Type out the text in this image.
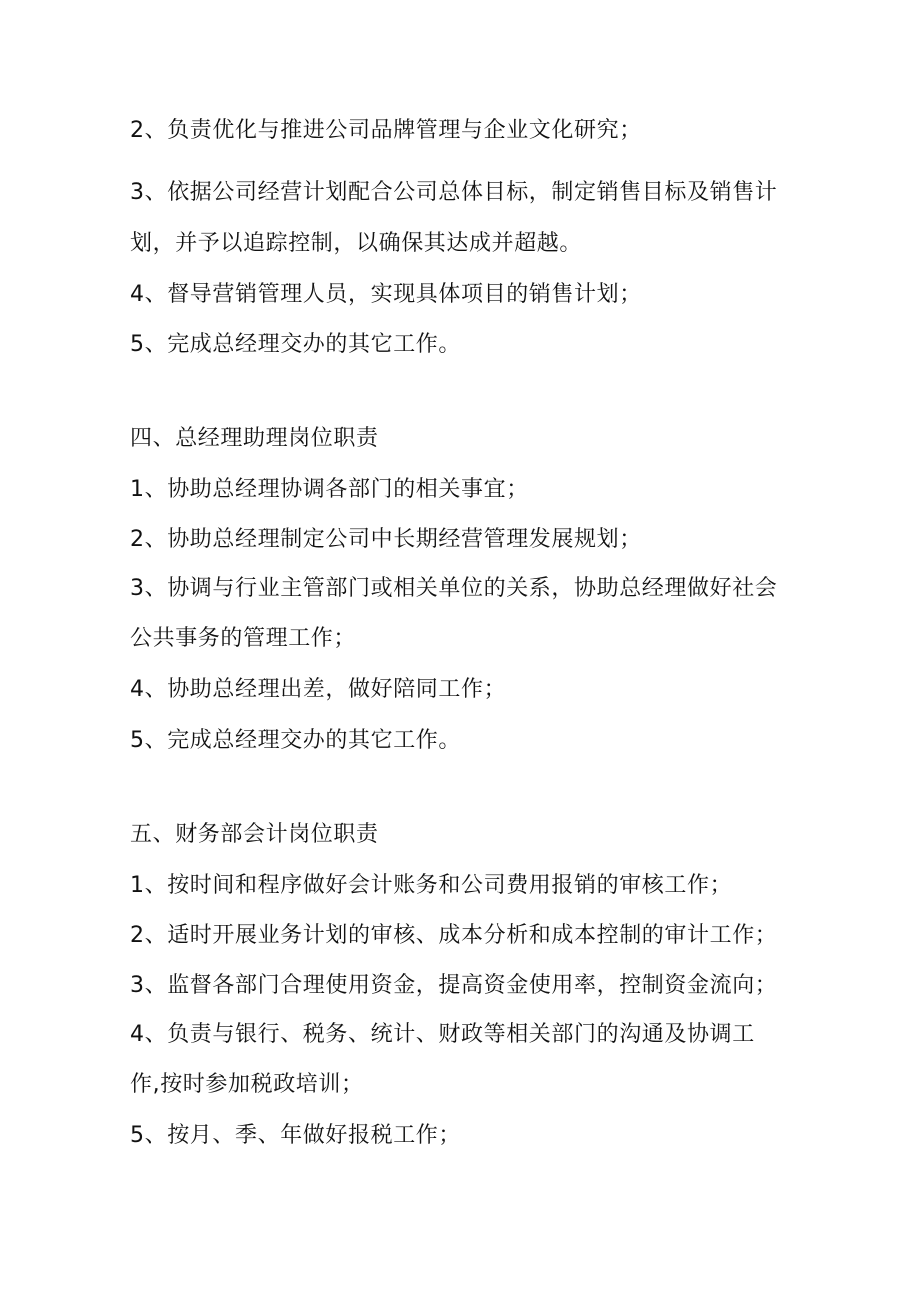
2、负责优化与推进公司品牌管理与企业文化研究；
3、依据公司经营计划配合公司总体目标，制定销售目标及销售计
划，并予以追踪控制，以确保其达成并超越。
4、督导营销管理人员，实现具体项目的销售计划；
5、完成总经理交办的其它工作。
四、总经理助理岗位职责
1、协助总经理协调各部门的相关事宜；
2、协助总经理制定公司中长期经营管理发展规划；
3、协调与行业主管部门或相关单位的关系，协助总经理做好社会
公共事务的管理工作；
4、协助总经理出差，做好陪同工作；
5、完成总经理交办的其它工作。
五、财务部会计岗位职责
1、按时间和程序做好会计账务和公司费用报销的审核工作；
2、适时开展业务计划的审核、成本分析和成本控制的审计工作；
3、监督各部门合理使用资金，提高资金使用率，控制资金流向；
4、负责与银行、税务、统计、财政等相关部门的沟通及协调工
作,按时参加税政培训；
5、按月、季、年做好报税工作；
